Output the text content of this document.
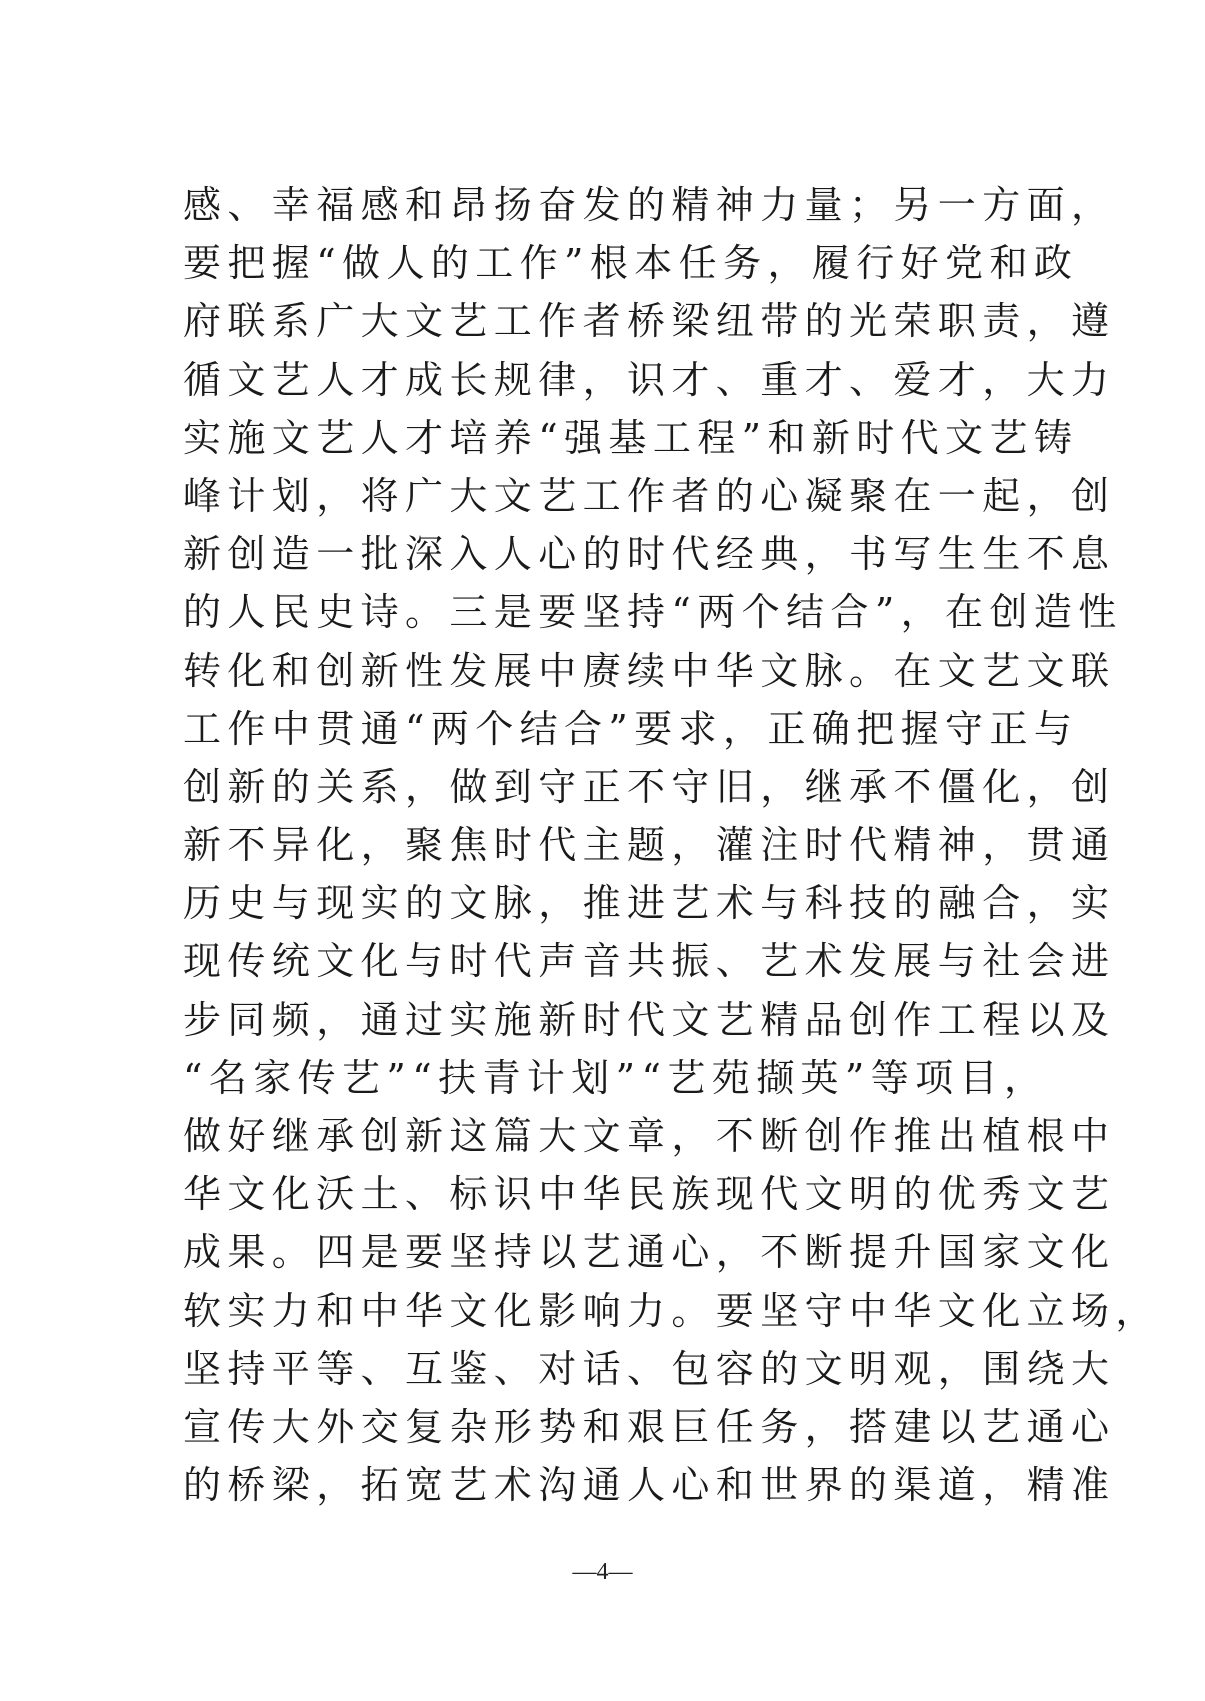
感、幸福感和昂扬奋发的精神力量；另一方面，
要把握“做人的工作”根本任务，履行好党和政
府联系广大文艺工作者桥梁纽带的光荣职责，遵
循文艺人才成长规律，识才、重才、爱才，大力
实施文艺人才培养“强基工程”和新时代文艺铸
峰计划，将广大文艺工作者的心凝聚在一起，创
新创造一批深入人心的时代经典，书写生生不息
的人民史诗。三是要坚持“两个结合”，在创造性
转化和创新性发展中赓续中华文脉。在文艺文联
工作中贯通“两个结合”要求，正确把握守正与
创新的关系，做到守正不守旧，继承不僵化，创
新不异化，聚焦时代主题，灌注时代精神，贯通
历史与现实的文脉，推进艺术与科技的融合，实
现传统文化与时代声音共振、艺术发展与社会进
步同频，通过实施新时代文艺精品创作工程以及
“名家传艺”“扶青计划”“艺苑撷英”等项目，
做好继承创新这篇大文章，不断创作推出植根中
华文化沃土、标识中华民族现代文明的优秀文艺
成果。四是要坚持以艺通心，不断提升国家文化
软实力和中华文化影响力。要坚守中华文化立场，
坚持平等、互鉴、对话、包容的文明观，围绕大
宣传大外交复杂形势和艰巨任务，搭建以艺通心
的桥梁，拓宽艺术沟通人心和世界的渠道，精准
—4—
